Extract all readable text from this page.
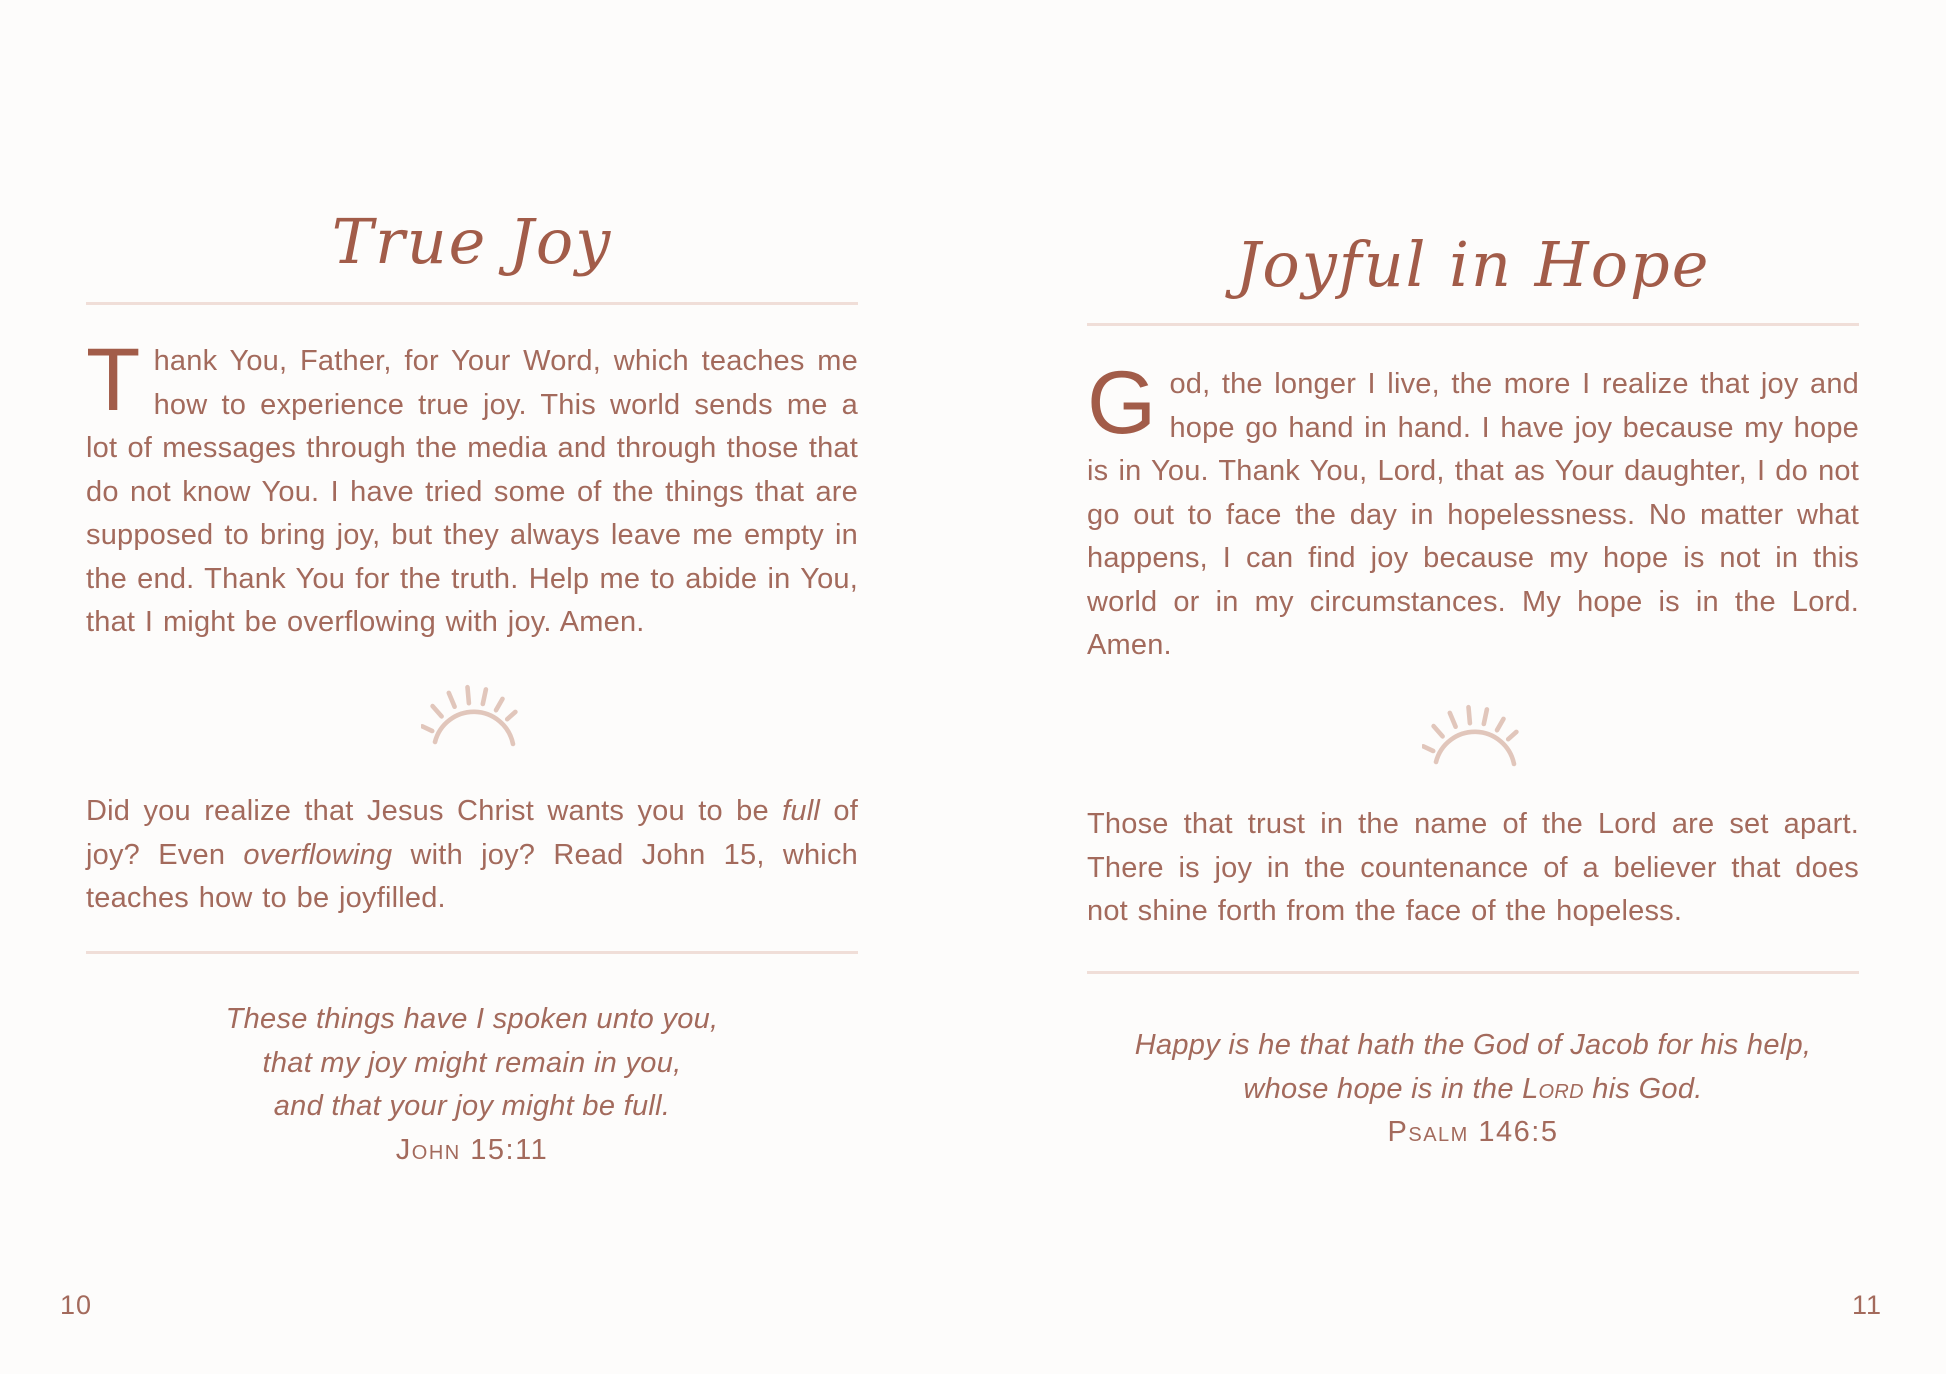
True Joy
Thank You, Father, for Your Word, which teaches me how to experience true joy. This world sends me a lot of messages through the media and through those that do not know You. I have tried some of the things that are supposed to bring joy, but they always leave me empty in the end. Thank You for the truth. Help me to abide in You, that I might be overflowing with joy. Amen.
Did you realize that Jesus Christ wants you to be full of joy? Even overflowing with joy? Read John 15, which teaches how to be joyfilled.
These things have I spoken unto you,
that my joy might remain in you,
and that your joy might be full.
John 15:11
Joyful in Hope
God, the longer I live, the more I realize that joy and hope go hand in hand. I have joy because my hope is in You. Thank You, Lord, that as Your daughter, I do not go out to face the day in hopelessness. No matter what happens, I can find joy because my hope is not in this world or in my circumstances. My hope is in the Lord. Amen.
Those that trust in the name of the Lord are set apart. There is joy in the countenance of a believer that does not shine forth from the face of the hopeless.
Happy is he that hath the God of Jacob for his help,
whose hope is in the Lord his God.
Psalm 146:5
10	11
